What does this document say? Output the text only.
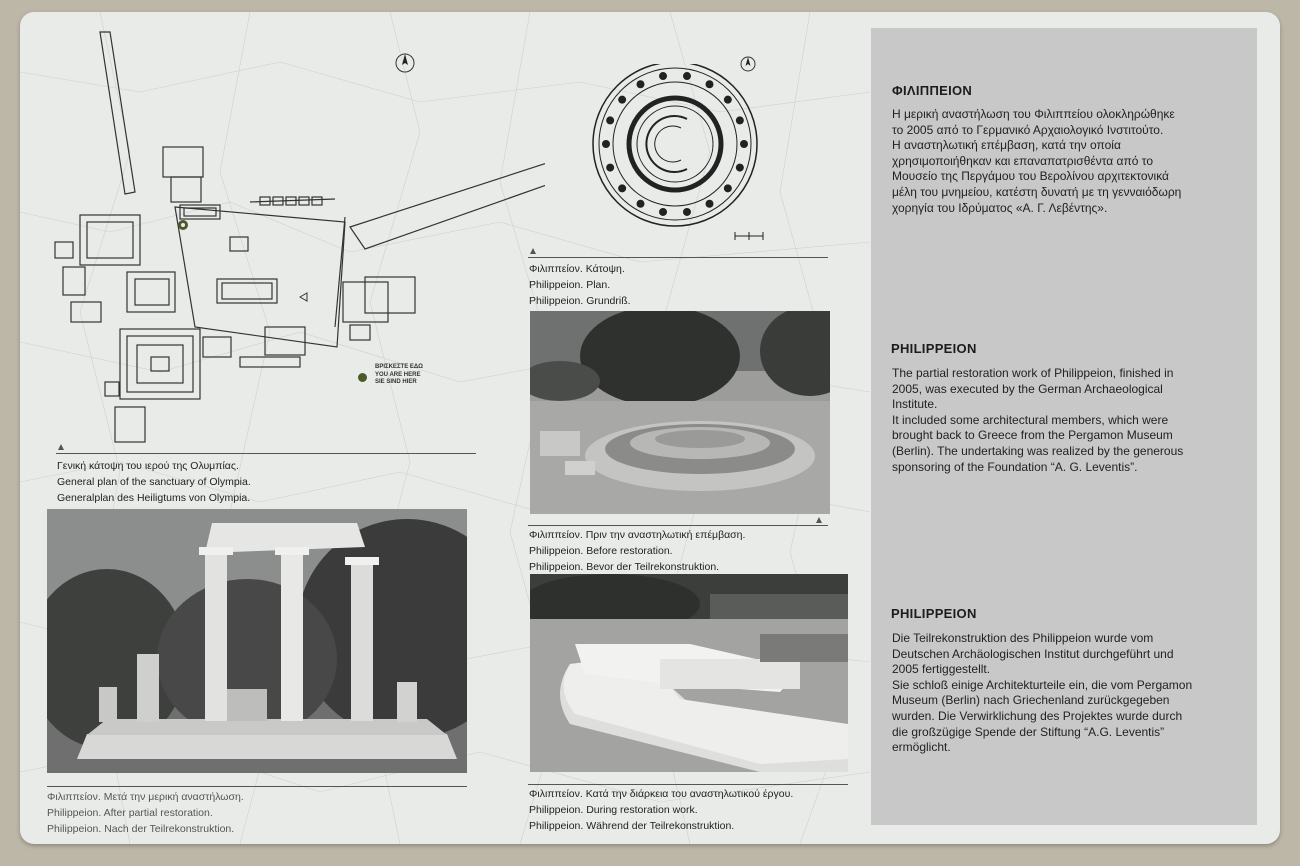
ΒΡΙΣΚΕΣΤΕ ΕΔΩ
YOU ARE HERE
SIE SIND HIER
Γενική κάτοψη του ιερού της Ολυμπίας.
General plan of the sanctuary of Olympia.
Generalplan des Heiligtums von Olympia.
Φιλιππείον. Μετά την μερική αναστήλωση.
Philippeion. After partial restoration.
Philippeion. Nach der Teilrekonstruktion.
Φιλιππείον. Κάτοψη.
Philippeion. Plan.
Philippeion. Grundriß.
Φιλιππείον. Πριν την αναστηλωτική επέμβαση.
Philippeion. Before restoration.
Philippeion. Bevor der Teilrekonstruktion.
Φιλιππείον. Κατά την διάρκεια του αναστηλωτικού έργου.
Philippeion. During restoration work.
Philippeion. Während der Teilrekonstruktion.
ΦΙΛΙΠΠΕΙΟΝ
Η μερική αναστήλωση του Φιλιππείου ολοκληρώθηκε
το 2005 από το Γερμανικό Αρχαιολογικό Ινστιτούτο.
Η αναστηλωτική επέμβαση, κατά την οποία
χρησιμοποιήθηκαν και επαναπατρισθέντα από το
Μουσείο της Περγάμου του Βερολίνου αρχιτεκτονικά
μέλη του μνημείου, κατέστη δυνατή με τη γενναιόδωρη
χορηγία του Ιδρύματος «Α. Γ. Λεβέντης».
PHILIPPEION
The partial restoration work of Philippeion, finished in
2005, was executed by the German Archaeological
Institute.
It included some architectural members, which were
brought back to Greece from the Pergamon Museum
(Berlin). The undertaking was realized by the generous
sponsoring of the Foundation “A. G. Leventis”.
PHILIPPEION
Die Teilrekonstruktion des Philippeion wurde vom
Deutschen Archäologischen Institut durchgeführt und
2005 fertiggestellt.
Sie schloß einige Architekturteile ein, die vom Pergamon
Museum (Berlin) nach Griechenland zurückgegeben
wurden. Die Verwirklichung des Projektes wurde durch
die großzügige Spende der Stiftung “A.G. Leventis”
ermöglicht.
